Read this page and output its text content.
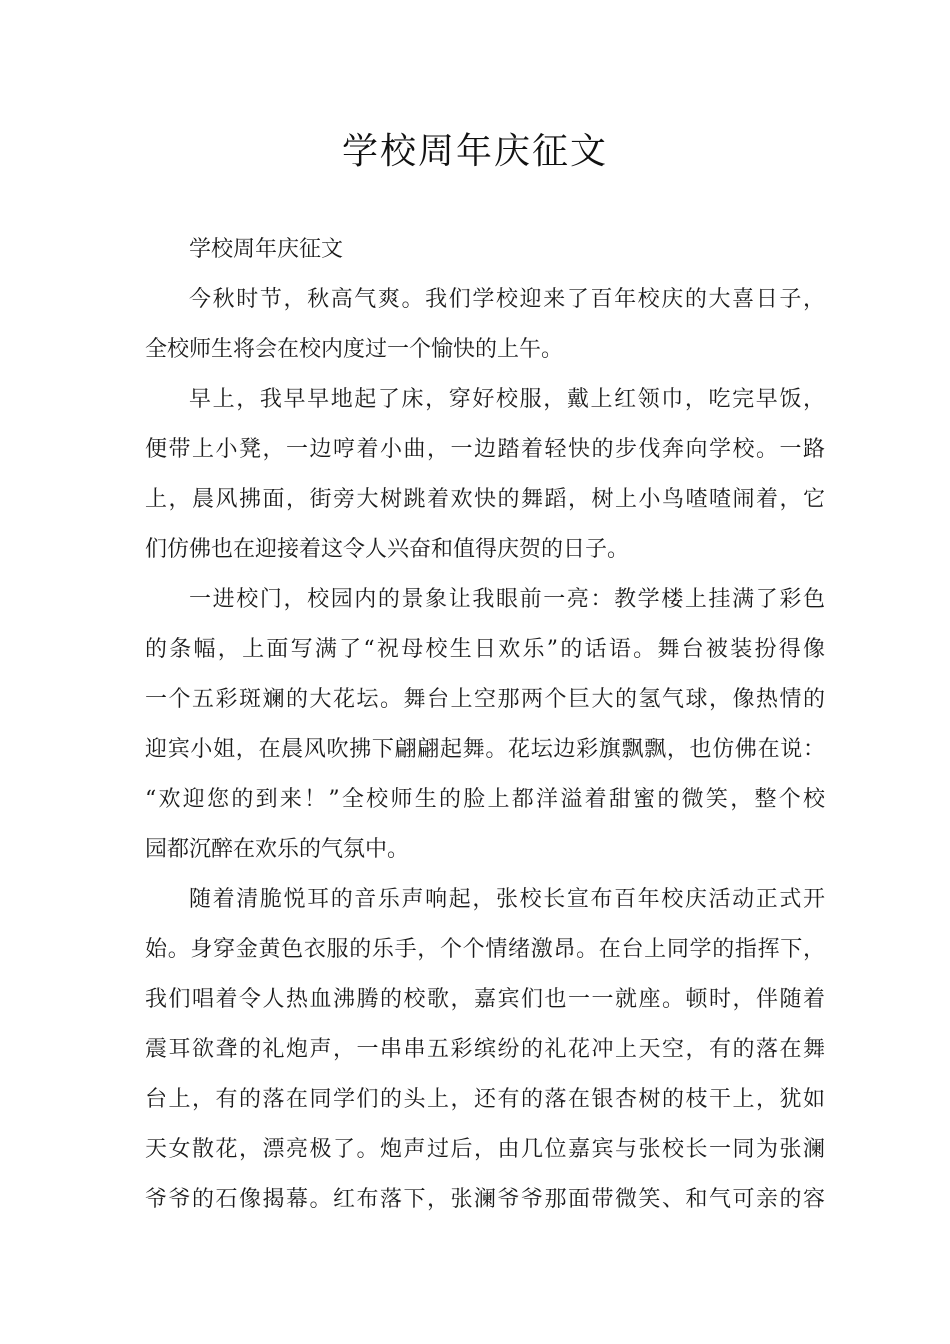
学校周年庆征文
学校周年庆征文
今秋时节，秋高气爽。我们学校迎来了百年校庆的大喜日子，
全校师生将会在校内度过一个愉快的上午。
早上，我早早地起了床，穿好校服，戴上红领巾，吃完早饭，
便带上小凳，一边哼着小曲，一边踏着轻快的步伐奔向学校。一路
上，晨风拂面，街旁大树跳着欢快的舞蹈，树上小鸟喳喳闹着，它
们仿佛也在迎接着这令人兴奋和值得庆贺的日子。
一进校门，校园内的景象让我眼前一亮：教学楼上挂满了彩色
的条幅，上面写满了“祝母校生日欢乐”的话语。舞台被装扮得像
一个五彩斑斓的大花坛。舞台上空那两个巨大的氢气球，像热情的
迎宾小姐，在晨风吹拂下翩翩起舞。花坛边彩旗飘飘，也仿佛在说：
“欢迎您的到来！”全校师生的脸上都洋溢着甜蜜的微笑，整个校
园都沉醉在欢乐的气氛中。
随着清脆悦耳的音乐声响起，张校长宣布百年校庆活动正式开
始。身穿金黄色衣服的乐手，个个情绪激昂。在台上同学的指挥下，
我们唱着令人热血沸腾的校歌，嘉宾们也一一就座。顿时，伴随着
震耳欲聋的礼炮声，一串串五彩缤纷的礼花冲上天空，有的落在舞
台上，有的落在同学们的头上，还有的落在银杏树的枝干上，犹如
天女散花，漂亮极了。炮声过后，由几位嘉宾与张校长一同为张澜
爷爷的石像揭幕。红布落下，张澜爷爷那面带微笑、和气可亲的容
